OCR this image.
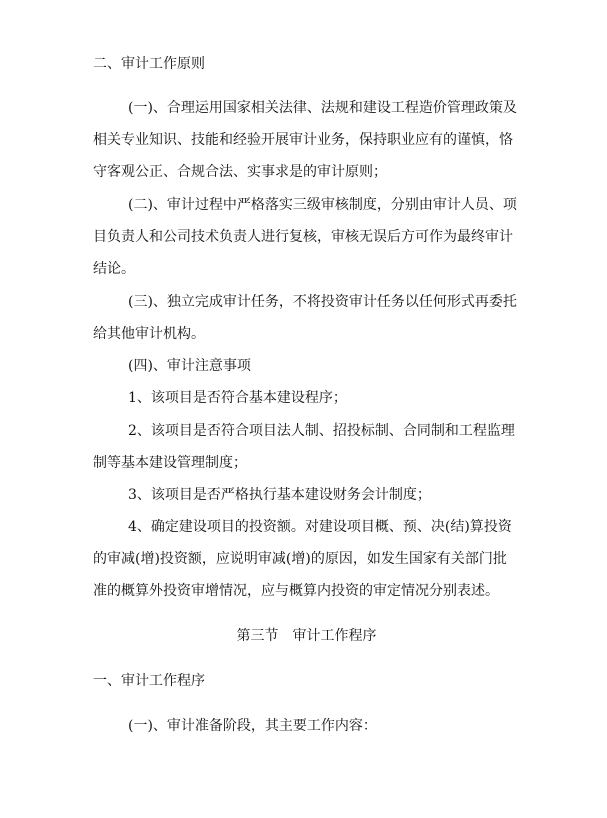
二、审计工作原则
(一)、合理运用国家相关法律、法规和建设工程造价管理政策及
相关专业知识、技能和经验开展审计业务，保持职业应有的谨慎，恪
守客观公正、合规合法、实事求是的审计原则；
(二)、审计过程中严格落实三级审核制度，分别由审计人员、项
目负责人和公司技术负责人进行复核，审核无误后方可作为最终审计
结论。
(三)、独立完成审计任务，不将投资审计任务以任何形式再委托
给其他审计机构。
(四)、审计注意事项
1、该项目是否符合基本建设程序；
2、该项目是否符合项目法人制、招投标制、合同制和工程监理
制等基本建设管理制度；
3、该项目是否严格执行基本建设财务会计制度；
4、确定建设项目的投资额。对建设项目概、预、决(结)算投资
的审减(增)投资额，应说明审减(增)的原因，如发生国家有关部门批
准的概算外投资审增情况，应与概算内投资的审定情况分别表述。
第三节　审计工作程序
一、审计工作程序
(一)、审计准备阶段，其主要工作内容：
